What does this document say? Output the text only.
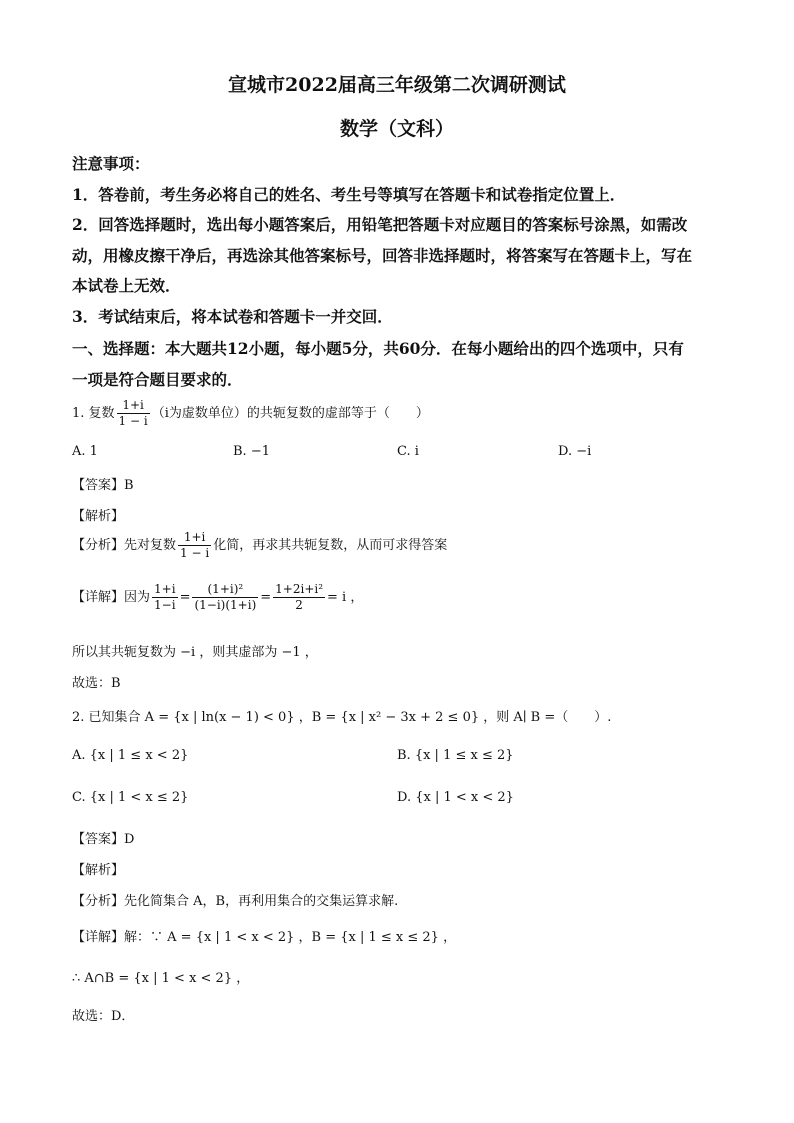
宣城市2022届高三年级第二次调研测试
数学（文科）
注意事项：
1．答卷前，考生务必将自己的姓名、考生号等填写在答题卡和试卷指定位置上．
2．回答选择题时，选出每小题答案后，用铅笔把答题卡对应题目的答案标号涂黑，如需改
动，用橡皮擦干净后，再选涂其他答案标号，回答非选择题时，将答案写在答题卡上，写在
本试卷上无效．
3．考试结束后，将本试卷和答题卡一并交回．
一、选择题：本大题共12小题，每小题5分，共60分．在每小题给出的四个选项中，只有
一项是符合题目要求的．
1. 复数 $\frac{1+i}{1 - i} (i$为虚数单位）的共轭复数的虚部等于（　　）
A. 1	B. −1	C. i	D. −i
【答案】B
【解析】
【分析】先对复数 $\frac{1+i}{1 - i}$ 化简，再求其共轭复数，从而可求得答案
【详解】因为 $\frac{1+i}{1-i} = \frac{\text{(1+i)²}}{(1-i)(1+i)} = \frac{\text{1+2i+i²}}{2} = i$ ，
所以其共轭复数为 −i ，则其虚部为 −1 ，
故选：B
2. 已知集合 A = {x | ln(x − 1) < 0} ，B = {x | x² − 3x + 2 ≤ 0} ，则 A∣ B =（　　）.
A. {x | 1 ≤ x < 2}	B. {x | 1 ≤ x ≤ 2}
C. {x | 1 < x ≤ 2}	D. {x | 1 < x < 2}
【答案】D
【解析】
【分析】先化简集合 A，B，再利用集合的交集运算求解.
【详解】解：∵ A = {x | 1 < x < 2} ，B = {x | 1 ≤ x ≤ 2} ，
∴ A∩B = {x | 1 < x < 2} ，
故选：D．
